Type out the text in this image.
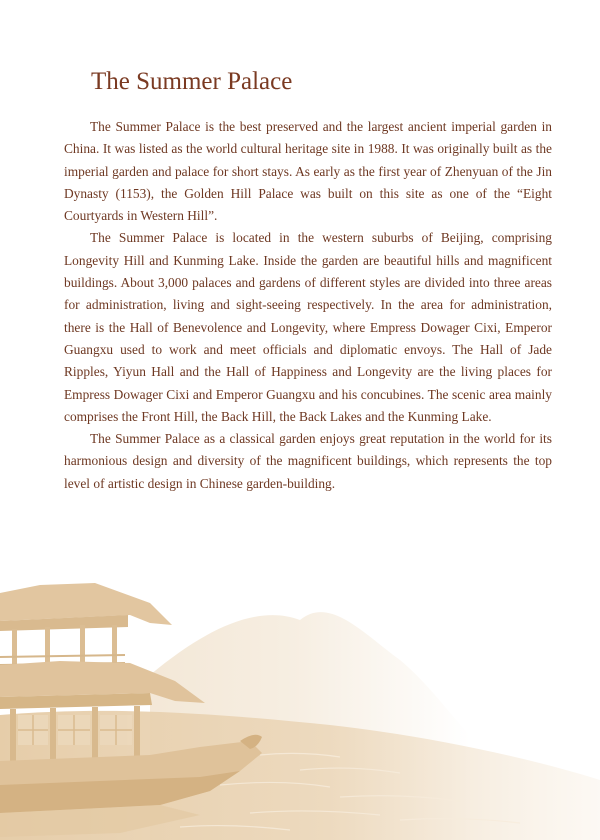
The Summer Palace

The Summer Palace is the best preserved and the largest ancient imperial garden in China. It was listed as the world cultural heritage site in 1988. It was originally built as the imperial garden and palace for short stays. As early as the first year of Zhenyuan of the Jin Dynasty (1153), the Golden Hill Palace was built on this site as one of the “Eight Courtyards in Western Hill”.

The Summer Palace is located in the western suburbs of Beijing, comprising Longevity Hill and Kunming Lake. Inside the garden are beautiful hills and magnificent buildings. About 3,000 palaces and gardens of different styles are divided into three areas for administration, living and sight-seeing respectively. In the area for administration, there is the Hall of Benevolence and Longevity, where Empress Dowager Cixi, Emperor Guangxu used to work and meet officials and diplomatic envoys. The Hall of Jade Ripples, Yiyun Hall and the Hall of Happiness and Longevity are the living places for Empress Dowager Cixi and Emperor Guangxu and his concubines. The scenic area mainly comprises the Front Hill, the Back Hill, the Back Lakes and the Kunming Lake.

The Summer Palace as a classical garden enjoys great reputation in the world for its harmonious design and diversity of the magnificent buildings, which represents the top level of artistic design in Chinese garden-building.
